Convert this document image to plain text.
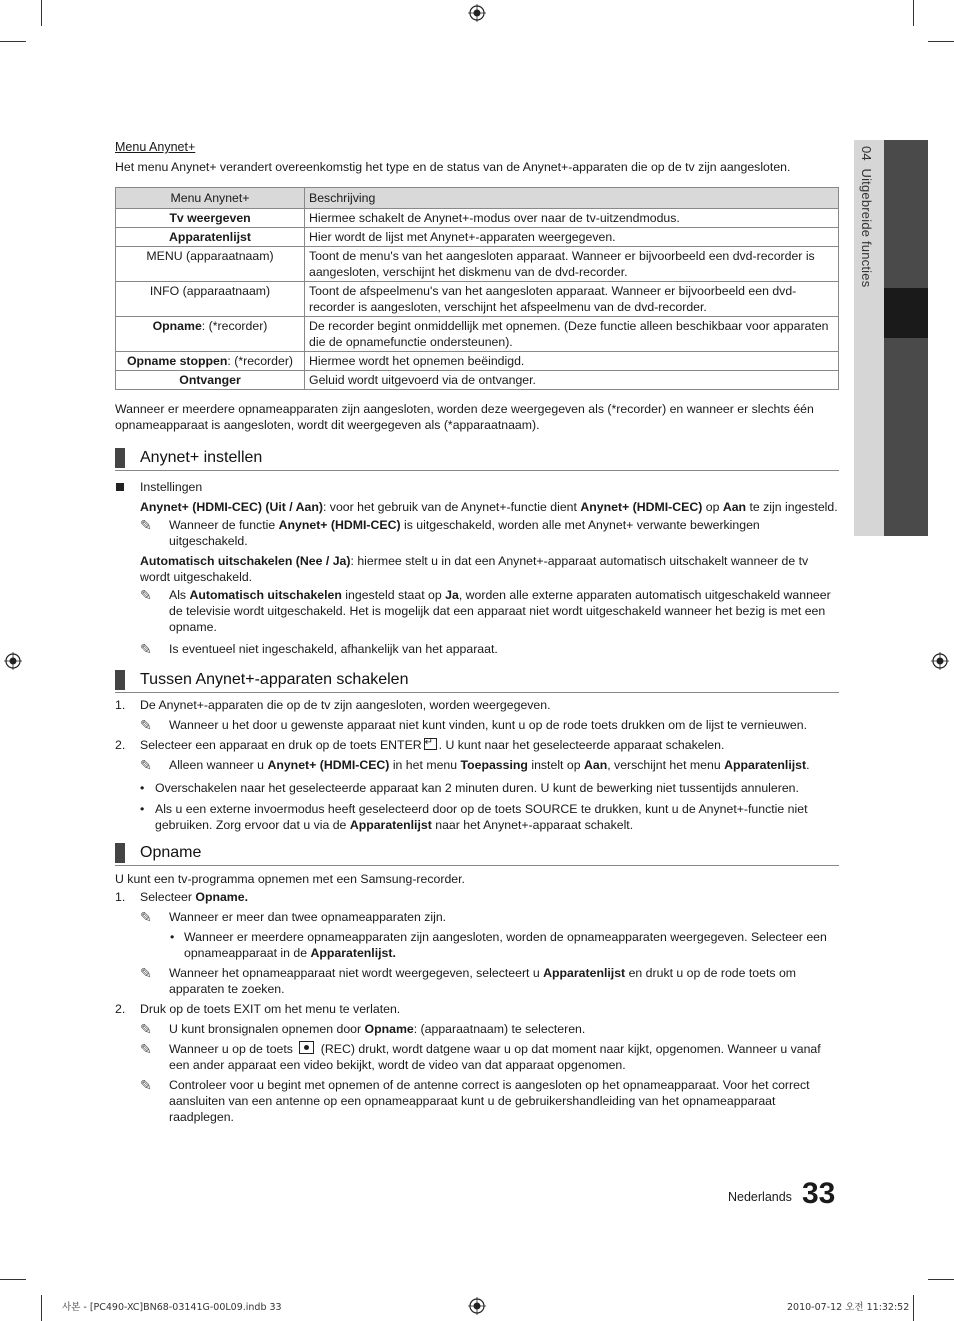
04  Uitgebreide functies
Menu Anynet+

Het menu Anynet+ verandert overeenkomstig het type en de status van de Anynet+-apparaten die op de tv zijn aangesloten.

Menu Anynet+	Beschrijving
Tv weergeven	Hiermee schakelt de Anynet+-modus over naar de tv-uitzendmodus.
Apparatenlijst	Hier wordt de lijst met Anynet+-apparaten weergegeven.
MENU (apparaatnaam)	Toont de menu's van het aangesloten apparaat. Wanneer er bijvoorbeeld een dvd-recorder is aangesloten, verschijnt het diskmenu van de dvd-recorder.
INFO (apparaatnaam)	Toont de afspeelmenu's van het aangesloten apparaat. Wanneer er bijvoorbeeld een dvd-recorder is aangesloten, verschijnt het afspeelmenu van de dvd-recorder.
Opname: (*recorder)	De recorder begint onmiddellijk met opnemen. (Deze functie alleen beschikbaar voor apparaten die de opnamefunctie ondersteunen).
Opname stoppen: (*recorder)	Hiermee wordt het opnemen beëindigd.
Ontvanger	Geluid wordt uitgevoerd via de ontvanger.

Wanneer er meerdere opnameapparaten zijn aangesloten, worden deze weergegeven als (*recorder) en wanneer er slechts één opnameapparaat is aangesloten, wordt dit weergegeven als (*apparaatnaam).

Anynet+ instellen
Instellingen

Anynet+ (HDMI-CEC) (Uit / Aan): voor het gebruik van de Anynet+-functie dient Anynet+ (HDMI-CEC) op Aan te zijn ingesteld.

✎ Wanneer de functie Anynet+ (HDMI-CEC) is uitgeschakeld, worden alle met Anynet+ verwante bewerkingen uitgeschakeld.

Automatisch uitschakelen (Nee / Ja): hiermee stelt u in dat een Anynet+-apparaat automatisch uitschakelt wanneer de tv wordt uitgeschakeld.

✎ Als Automatisch uitschakelen ingesteld staat op Ja, worden alle externe apparaten automatisch uitgeschakeld wanneer de televisie wordt uitgeschakeld. Het is mogelijk dat een apparaat niet wordt uitgeschakeld wanneer het bezig is met een opname.
✎ Is eventueel niet ingeschakeld, afhankelijk van het apparaat.
Tussen Anynet+-apparaten schakelen
1. De Anynet+-apparaten die op de tv zijn aangesloten, worden weergegeven.
✎ Wanneer u het door u gewenste apparaat niet kunt vinden, kunt u op de rode toets drukken om de lijst te vernieuwen.
2. Selecteer een apparaat en druk op de toets ENTER ↵ . U kunt naar het geselecteerde apparaat schakelen.
✎ Alleen wanneer u Anynet+ (HDMI-CEC) in het menu Toepassing instelt op Aan, verschijnt het menu Apparatenlijst.
• Overschakelen naar het geselecteerde apparaat kan 2 minuten duren. U kunt de bewerking niet tussentijds annuleren.
• Als u een externe invoermodus heeft geselecteerd door op de toets SOURCE te drukken, kunt u de Anynet+-functie niet gebruiken. Zorg ervoor dat u via de Apparatenlijst naar het Anynet+-apparaat schakelt.
Opname

U kunt een tv-programma opnemen met een Samsung-recorder.

1. Selecteer Opname.
✎ Wanneer er meer dan twee opnameapparaten zijn.
• Wanneer er meerdere opnameapparaten zijn aangesloten, worden de opnameapparaten weergegeven. Selecteer een opnameapparaat in de Apparatenlijst.
✎ Wanneer het opnameapparaat niet wordt weergegeven, selecteert u Apparatenlijst en drukt u op de rode toets om apparaten te zoeken.
2. Druk op de toets EXIT om het menu te verlaten.
✎ U kunt bronsignalen opnemen door Opname: (apparaatnaam) te selecteren.
✎ Wanneer u op de toets  (REC) drukt, wordt datgene waar u op dat moment naar kijkt, opgenomen. Wanneer u vanaf een ander apparaat een video bekijkt, wordt de video van dat apparaat opgenomen.
✎ Controleer voor u begint met opnemen of de antenne correct is aangesloten op het opnameapparaat. Voor het correct aansluiten van een antenne op een opnameapparaat kunt u de gebruikershandleiding van het opnameapparaat raadplegen.
Nederlands 33
사본 - [PC490-XC]BN68-03141G-00L09.indb 33	2010-07-12 오전 11:32:52
